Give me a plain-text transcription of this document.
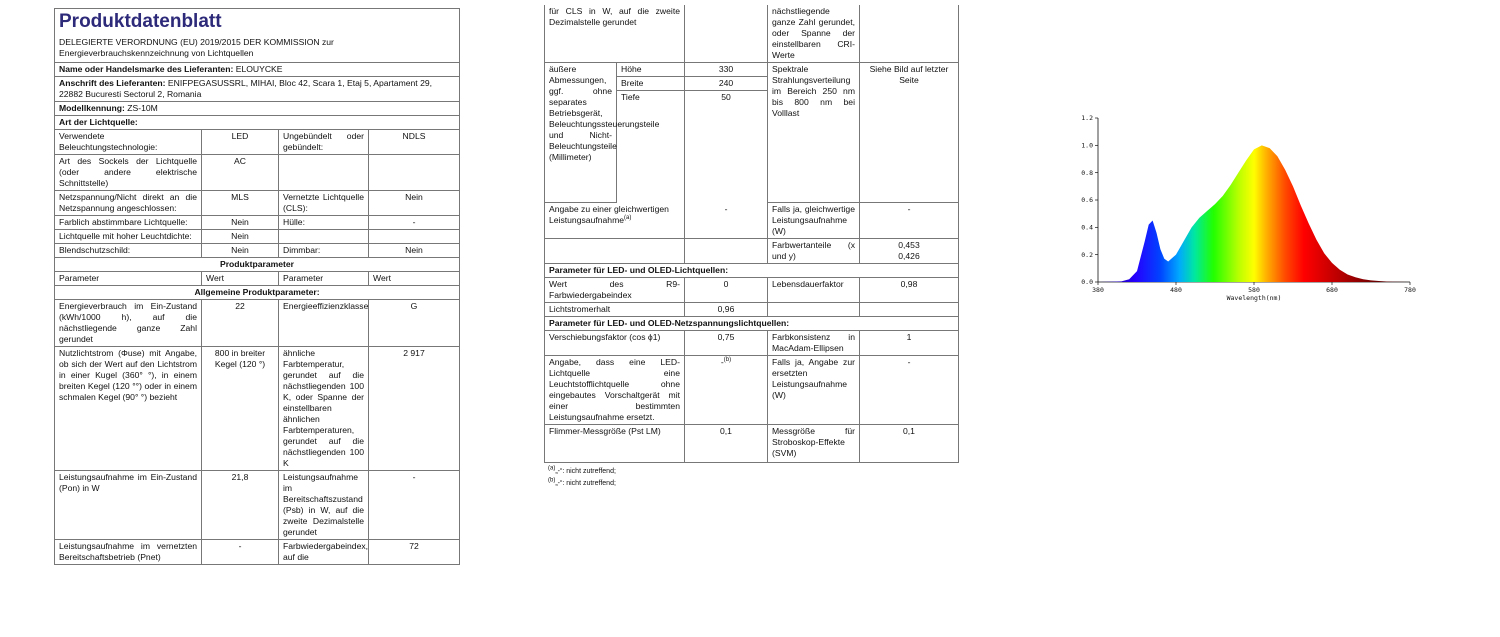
Produktdatenblatt
DELEGIERTE VERORDNUNG (EU) 2019/2015 DER KOMMISSION zur Energieverbrauchskennzeichnung von Lichtquellen			

Name oder Handelsmarke des Lieferanten: ELOUYCKE			
Anschrift des Lieferanten: ENIFPEGASUSSRL, MIHAI, Bloc 42, Scara 1, Etaj 5, Apartament 29, 22882 Bucuresti Sectorul 2, Romania			
Modellkennung: ZS-10M			
Art der Lichtquelle:			
Verwendete Beleuchtungstechnologie:	LED	Ungebündelt oder gebündelt:	NDLS
Art des Sockels der Lichtquelle (oder andere elektrische Schnittstelle)	AC		
Netzspannung/Nicht direkt an die Netzspannung angeschlossen:	MLS	Vernetzte Lichtquelle (CLS):	Nein
Farblich abstimmbare Lichtquelle:	Nein	Hülle:	-
Lichtquelle mit hoher Leuchtdichte:	Nein		
Blendschutzschild:	Nein	Dimmbar:	Nein
Produktparameter			
Parameter	Wert	Parameter	Wert
Allgemeine Produktparameter:			
Energieverbrauch im Ein-Zustand (kWh/1000 h), auf die nächstliegende ganze Zahl gerundet	22	Energieeffizienzklasse	G
Nutzlichtstrom (Φuse) mit Angabe, ob sich der Wert auf den Lichtstrom in einer Kugel (360° °), in einem breiten Kegel (120 °°) oder in einem schmalen Kegel (90° °) bezieht	800 in breiter Kegel (120 °)	ähnliche Farbtemperatur, gerundet auf die nächstliegenden 100 K, oder Spanne der einstellbaren ähnlichen Farbtemperaturen, gerundet auf die nächstliegenden 100 K	2 917
Leistungsaufnahme im Ein-Zustand (Pon) in W	21,8	Leistungsaufnahme im Bereitschaftszustand (Psb) in W, auf die zweite Dezimalstelle gerundet	-
Leistungsaufnahme im vernetzten Bereitschaftsbetrieb (Pnet)	-	Farbwiedergabeindex, auf die	72
für CLS in W, auf die zweite Dezimalstelle gerundet			nächstliegende ganze Zahl gerundet, oder Spanne der einstellbaren CRI-Werte	
äußere Abmessungen, ggf. ohne separates Betriebsgerät, Beleuchtungssteuerungsteile und Nicht-Beleuchtungsteile (Millimeter)	Höhe	330	Spektrale Strahlungsverteilung im Bereich 250 nm bis 800 nm bei Volllast	Siehe Bild auf letzter Seite
	Breite	240		
	Tiefe	50		
Angabe zu einer gleichwertigen Leistungsaufnahme$^{(a)}$		-	Falls ja, gleichwertige Leistungsaufnahme (W)	-
			Farbwertanteile (x und y)	0,453
0,426

Parameter für LED- und OLED-Lichtquellen:				
Wert des R9-Farbwiedergabeindex		0	Lebensdauerfaktor	0,98
Lichtstromerhalt		0,96		
Parameter für LED- und OLED-Netzspannungslichtquellen:				
Verschiebungsfaktor (cos ϕ1)		0,75	Farbkonsistenz in MacAdam-Ellipsen	1
Angabe, dass eine LED-Lichtquelle eine Leuchtstofflichtquelle ohne eingebautes Vorschaltgerät mit einer bestimmten Leistungsaufnahme ersetzt.		-$^{(b)}$	Falls ja, Angabe zur ersetzten Leistungsaufnahme (W)	-
Flimmer-Messgröße (Pst LM)		0,1	Messgröße für Stroboskop-Effekte (SVM)	0,1
$^{(a)}$„-“: nicht zutreffend;
$^{(b)}$„-“: nicht zutreffend;
0.0
0.2
0.4
0.6
0.8
1.0
1.2
380	480	580	680	780
Wavelength(nm)
